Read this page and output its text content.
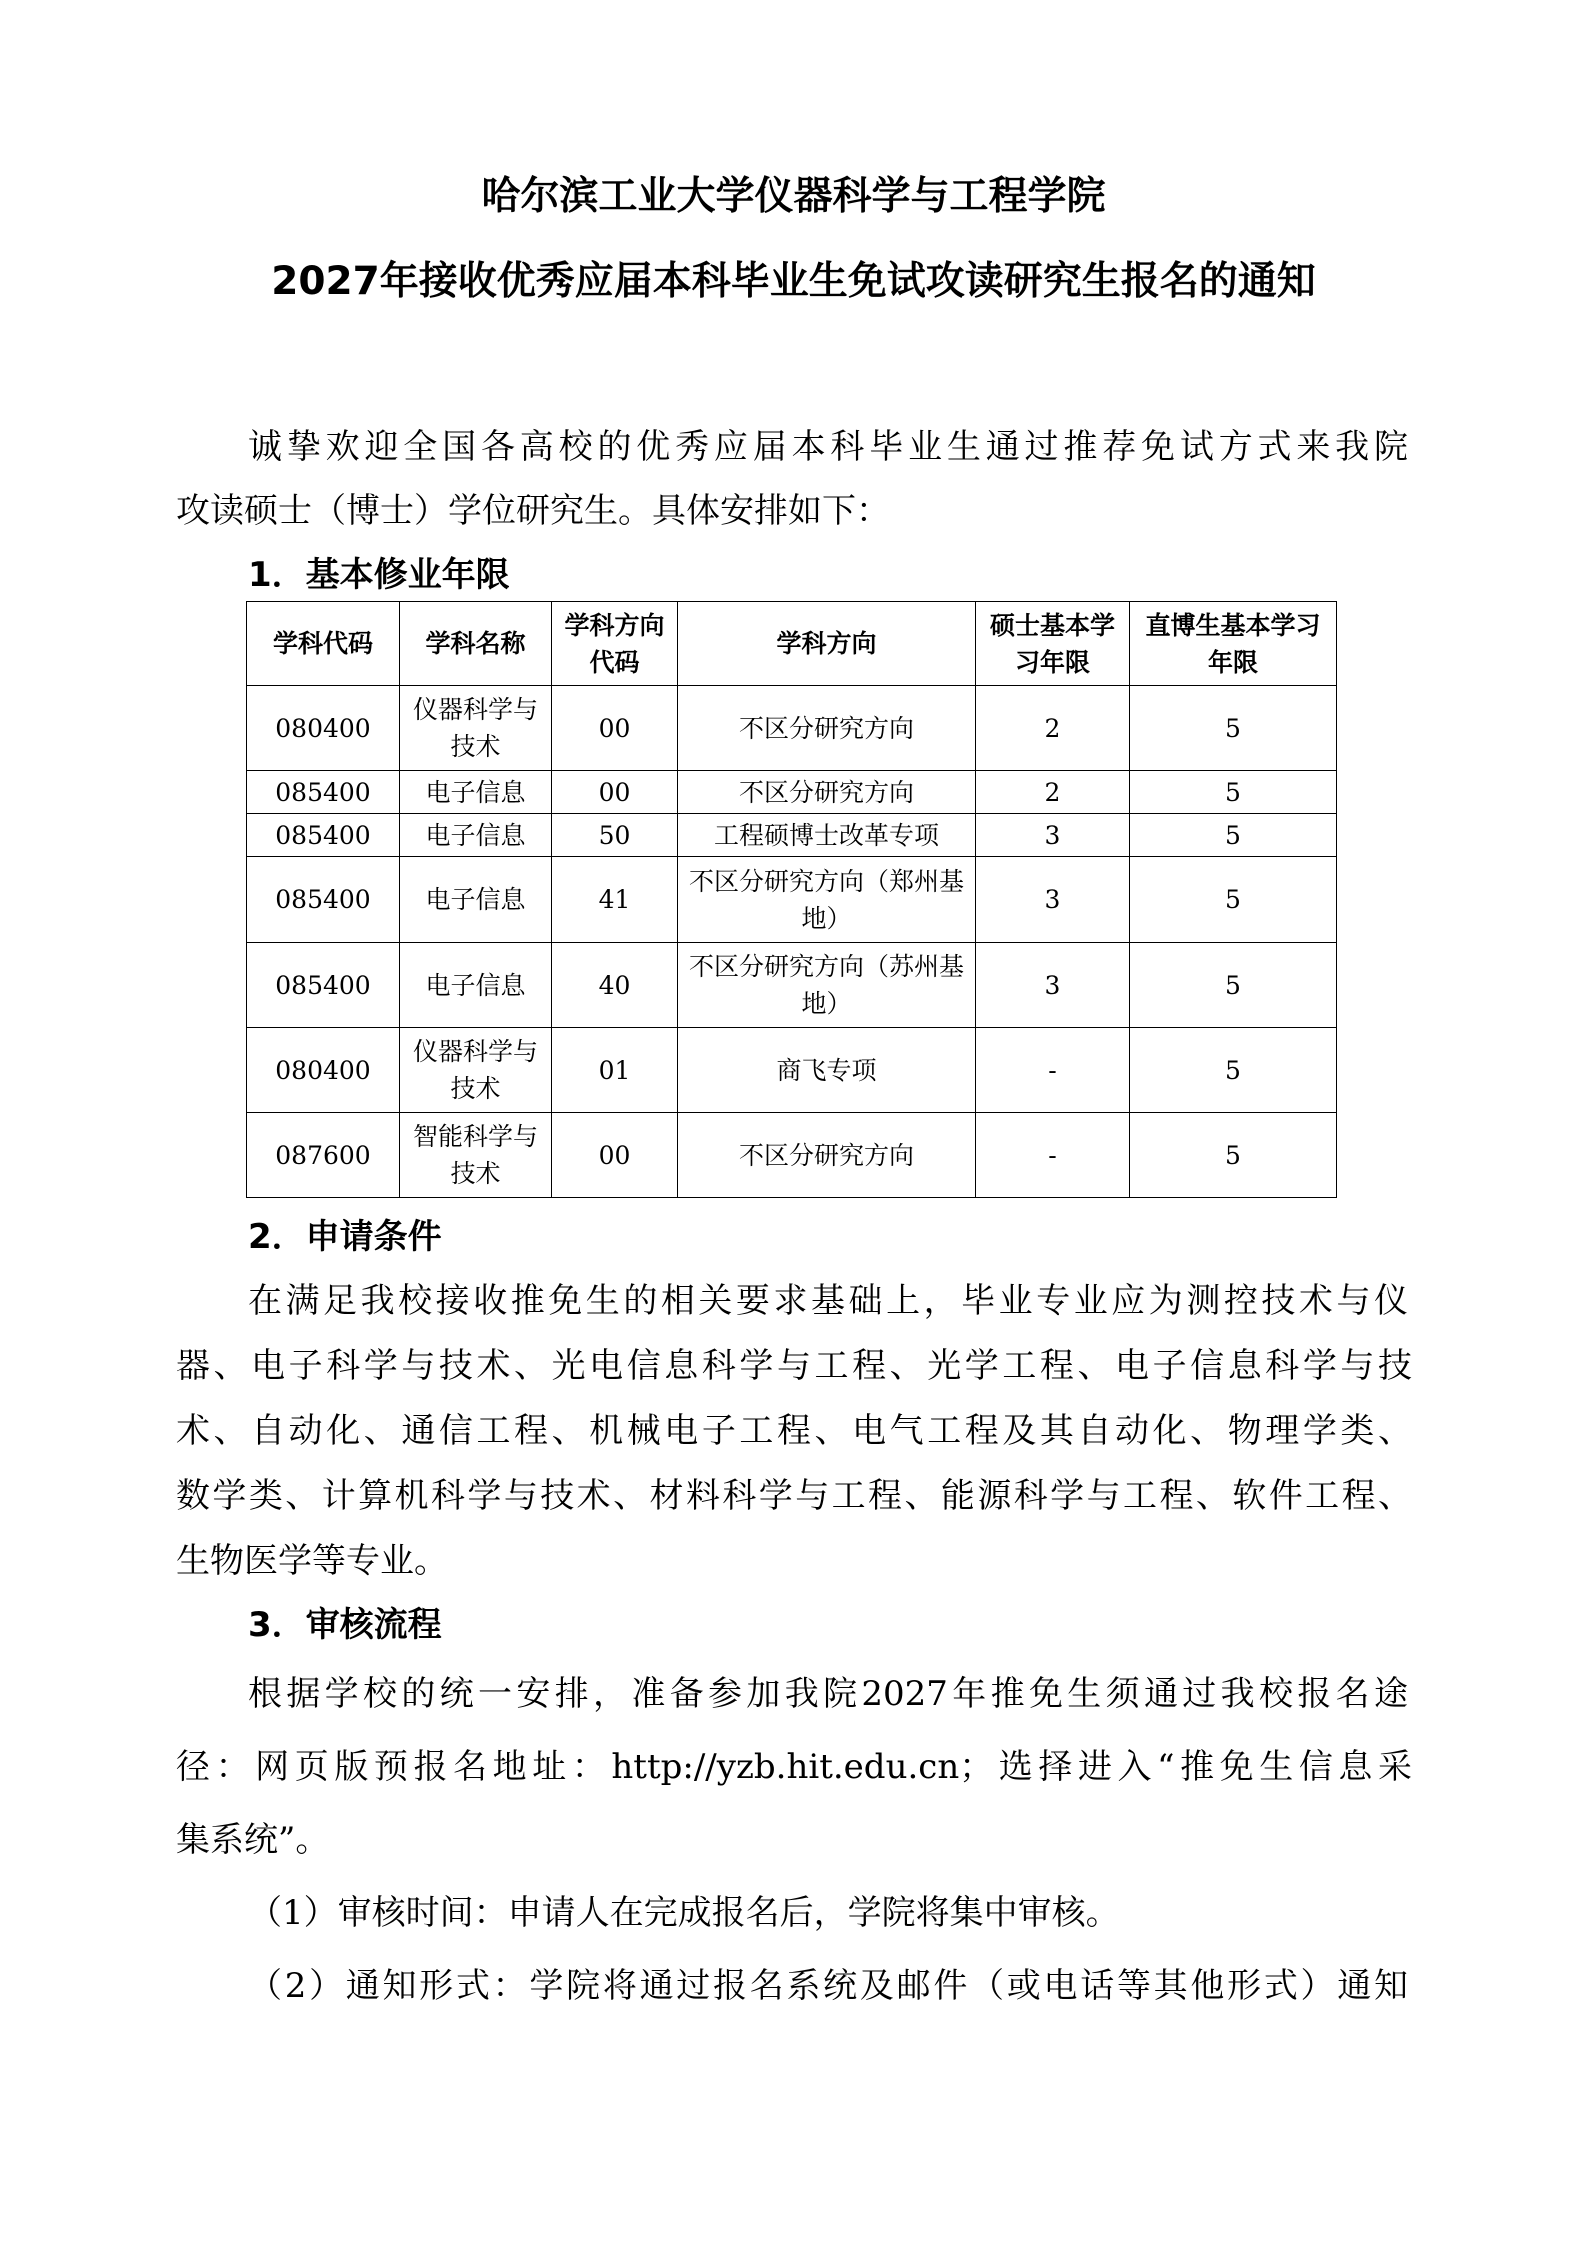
哈尔滨工业大学仪器科学与工程学院
2027年接收优秀应届本科毕业生免试攻读研究生报名的通知
诚挚欢迎全国各高校的优秀应届本科毕业生通过推荐免试方式来我院
攻读硕士（博士）学位研究生。具体安排如下：
1．基本修业年限
学科代码	学科名称	学科方向代码	学科方向	硕士基本学习年限	直博生基本学习年限
080400	仪器科学与技术	00	不区分研究方向	2	5
085400	电子信息	00	不区分研究方向	2	5
085400	电子信息	50	工程硕博士改革专项	3	5
085400	电子信息	41	不区分研究方向（郑州基地）	3	5
085400	电子信息	40	不区分研究方向（苏州基地）	3	5
080400	仪器科学与技术	01	商飞专项	-	5
087600	智能科学与技术	00	不区分研究方向	-	5
2．申请条件
在满足我校接收推免生的相关要求基础上，毕业专业应为测控技术与仪
器、电子科学与技术、光电信息科学与工程、光学工程、电子信息科学与技
术、自动化、通信工程、机械电子工程、电气工程及其自动化、物理学类、
数学类、计算机科学与技术、材料科学与工程、能源科学与工程、软件工程、
生物医学等专业。
3．审核流程
根据学校的统一安排，准备参加我院2027年推免生须通过我校报名途
径：网页版预报名地址：http://yzb.hit.edu.cn；选择进入“推免生信息采
集系统”。
（1）审核时间：申请人在完成报名后，学院将集中审核。
（2）通知形式：学院将通过报名系统及邮件（或电话等其他形式）通知
